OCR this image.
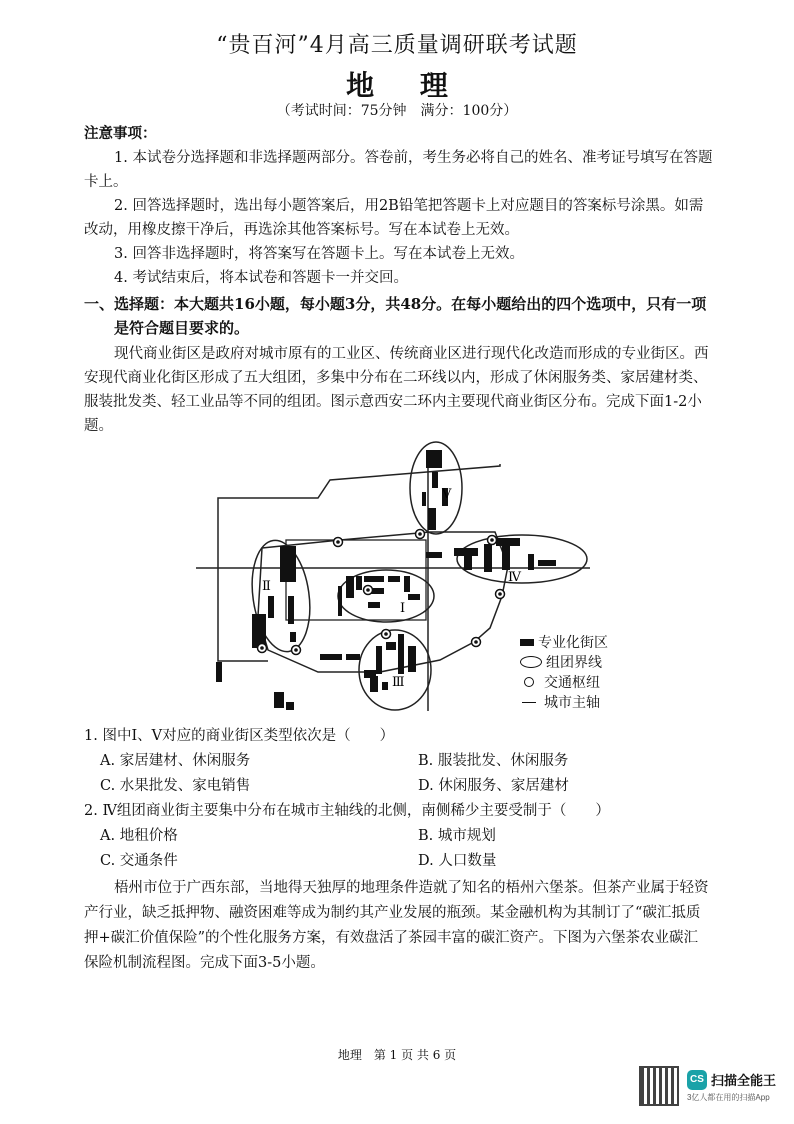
“贵百河”4月高三质量调研联考试题
地 理
（考试时间：75分钟　满分：100分）
注意事项：
1. 本试卷分选择题和非选择题两部分。答卷前，考生务必将自己的姓名、准考证号填写在答题
卡上。
2. 回答选择题时，选出每小题答案后，用2B铅笔把答题卡上对应题目的答案标号涂黑。如需
改动，用橡皮擦干净后，再选涂其他答案标号。写在本试卷上无效。
3. 回答非选择题时，将答案写在答题卡上。写在本试卷上无效。
4. 考试结束后，将本试卷和答题卡一并交回。
一、选择题：本大题共16小题，每小题3分，共48分。在每小题给出的四个选项中，只有一项
是符合题目要求的。
现代商业街区是政府对城市原有的工业区、传统商业区进行现代化改造而形成的专业街区。西
安现代商业化街区形成了五大组团，多集中分布在二环线以内，形成了休闲服务类、家居建材类、
服装批发类、轻工业品等不同的组团。图示意西安二环内主要现代商业街区分布。完成下面1-2小
题。
Ⅴ
Ⅳ
Ⅰ
Ⅱ
Ⅲ
专业化街区
组团界线
交通枢纽
城市主轴
1. 图中Ⅰ、Ⅴ对应的商业街区类型依次是（　　）
A. 家居建材、休闲服务	B. 服装批发、休闲服务
C. 水果批发、家电销售	D. 休闲服务、家居建材
2. Ⅳ组团商业街主要集中分布在城市主轴线的北侧，南侧稀少主要受制于（　　）
A. 地租价格	B. 城市规划
C. 交通条件	D. 人口数量
梧州市位于广西东部，当地得天独厚的地理条件造就了知名的梧州六堡茶。但茶产业属于轻资
产行业，缺乏抵押物、融资困难等成为制约其产业发展的瓶颈。某金融机构为其制订了“碳汇抵质
押+碳汇价值保险”的个性化服务方案，有效盘活了茶园丰富的碳汇资产。下图为六堡茶农业碳汇
保险机制流程图。完成下面3-5小题。
地理　第 1 页 共 6 页
CS 扫描全能王
3亿人都在用的扫描App
